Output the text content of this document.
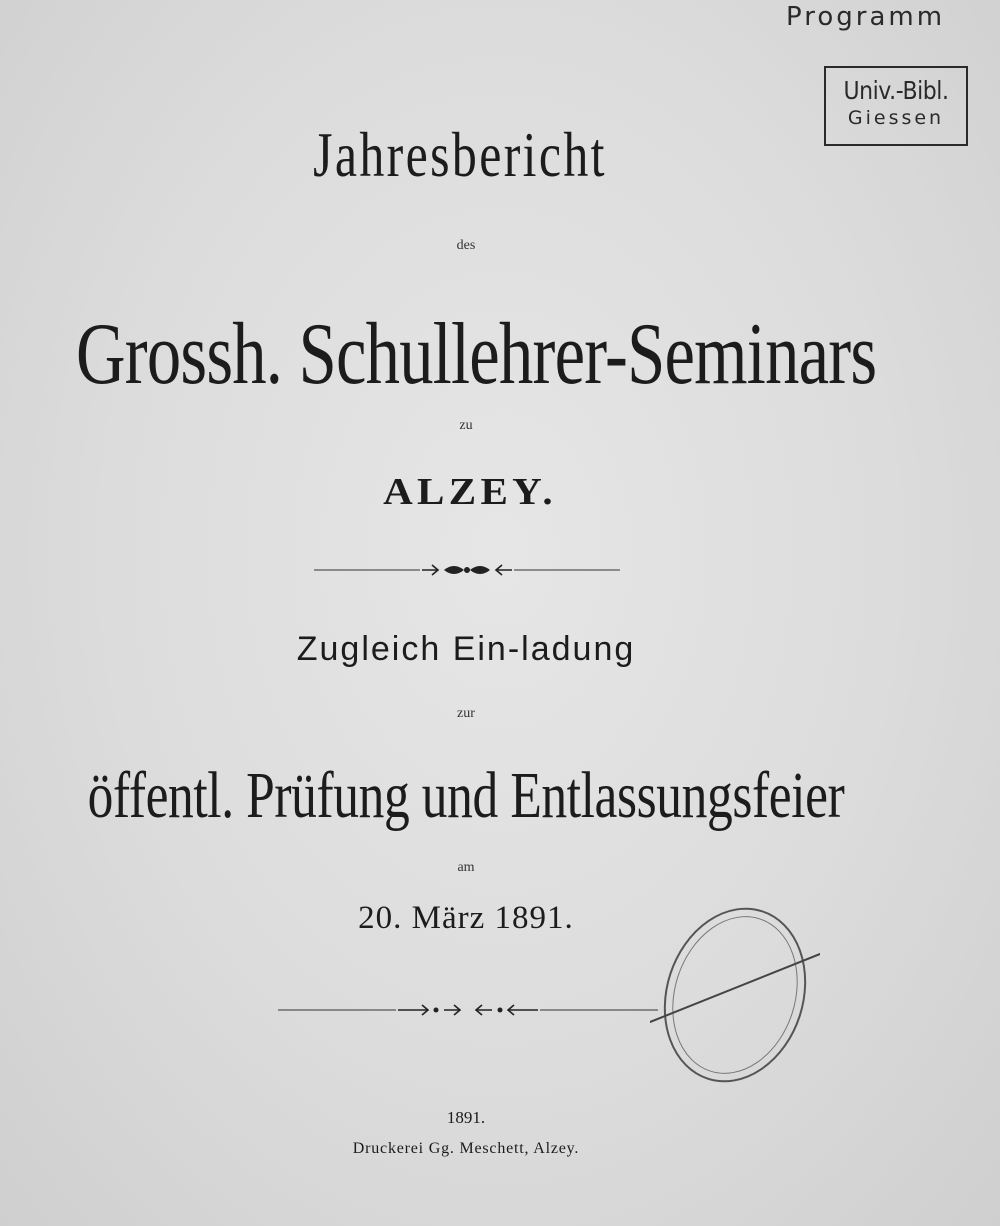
Programm
Univ.-Bibl.
Giessen
Jahresbericht
des
Grossh. Schullehrer-Seminars
zu
ALZEY.
Zugleich Ein-ladung
zur
öffentl. Prüfung und Entlassungsfeier
am
20. März 1891.
1891.
Druckerei Gg. Meschett, Alzey.
